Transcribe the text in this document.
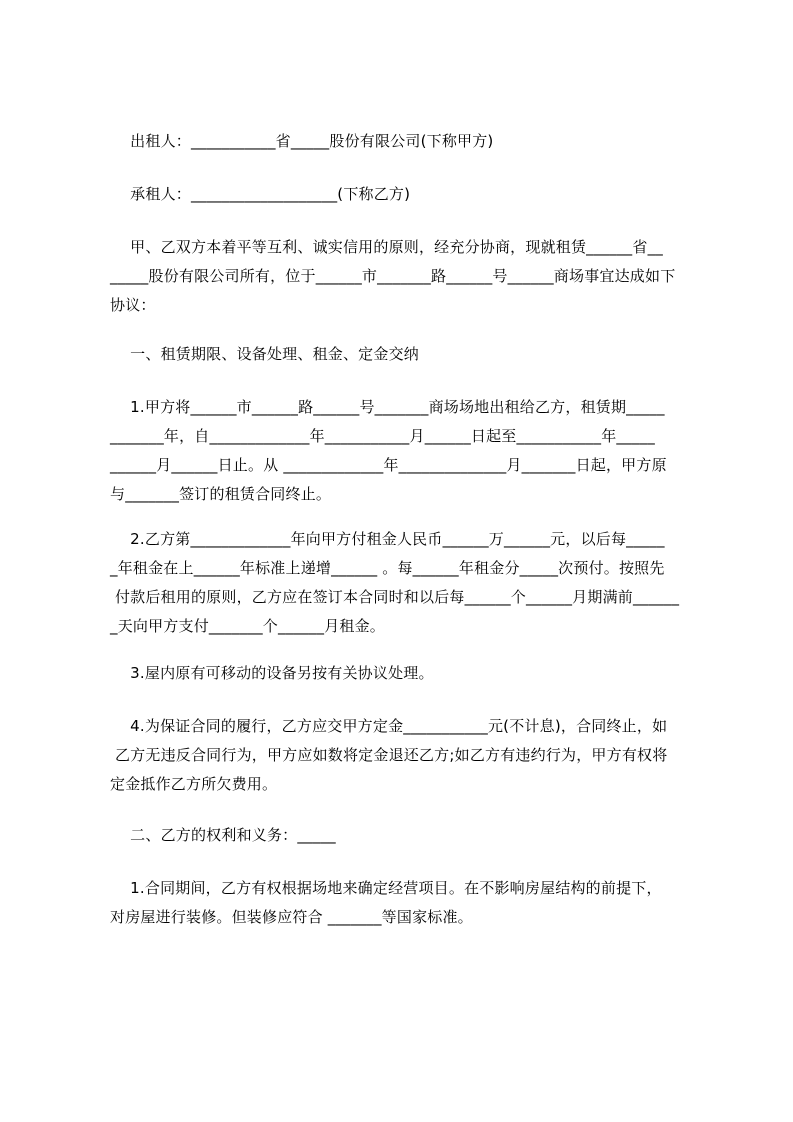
　 出租人：___________省_____股份有限公司(下称甲方)
　 承租人：___________________(下称乙方)
　 甲、乙双方本着平等互利、诚实信用的原则，经充分协商，现就租赁______省__
_____股份有限公司所有，位于______市_______路______号______商场事宜达成如下
协议：
　 一、租赁期限、设备处理、租金、定金交纳
　 1.甲方将______市______路______号_______商场场地出租给乙方，租赁期_____
_______年，自_____________年___________月______日起至___________年_____
______月______日止。从 _____________年______________月_______日起，甲方原
与_______签订的租赁合同终止。
　 2.乙方第_____________年向甲方付租金人民币______万______元，以后每_____
_年租金在上______年标准上递增______ 。每______年租金分_____次预付。按照先
付款后租用的原则，乙方应在签订本合同时和以后每______个______月期满前______
_天向甲方支付_______个______月租金。
　 3.屋内原有可移动的设备另按有关协议处理。
　 4.为保证合同的履行，乙方应交甲方定金___________元(不计息)，合同终止，如
乙方无违反合同行为，甲方应如数将定金退还乙方;如乙方有违约行为，甲方有权将
定金抵作乙方所欠费用。
　 二、乙方的权利和义务：_____
　 1.合同期间，乙方有权根据场地来确定经营项目。在不影响房屋结构的前提下，
对房屋进行装修。但装修应符合 _______等国家标准。
